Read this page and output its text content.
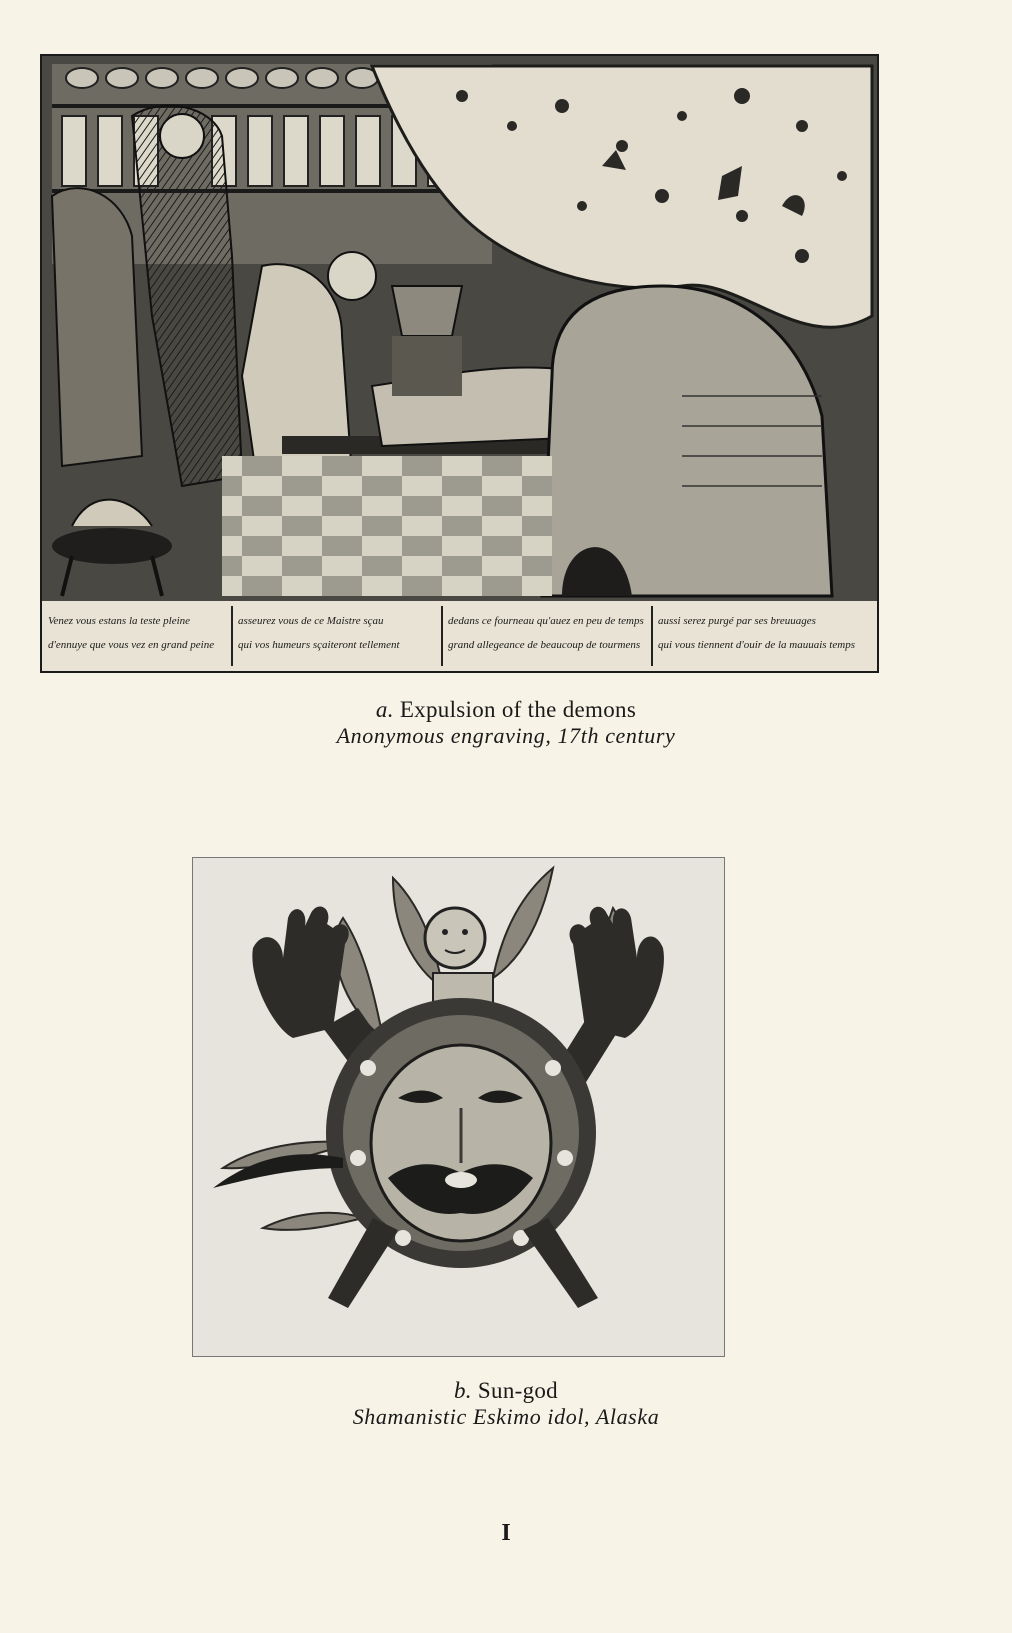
Venez vous estans la teste pleine
d'ennuye que vous vez en grand peine
asseurez vous de ce Maistre sçau
qui vos humeurs sçaiteront tellement
dedans ce fourneau qu'auez en peu de temps
grand allegeance de beaucoup de tourmens
aussi serez purgé par ses breuuages
qui vous tiennent d'ouir de la mauuais temps
a. Expulsion of the demons
Anonymous engraving, 17th century
b. Sun-god
Shamanistic Eskimo idol, Alaska
I
